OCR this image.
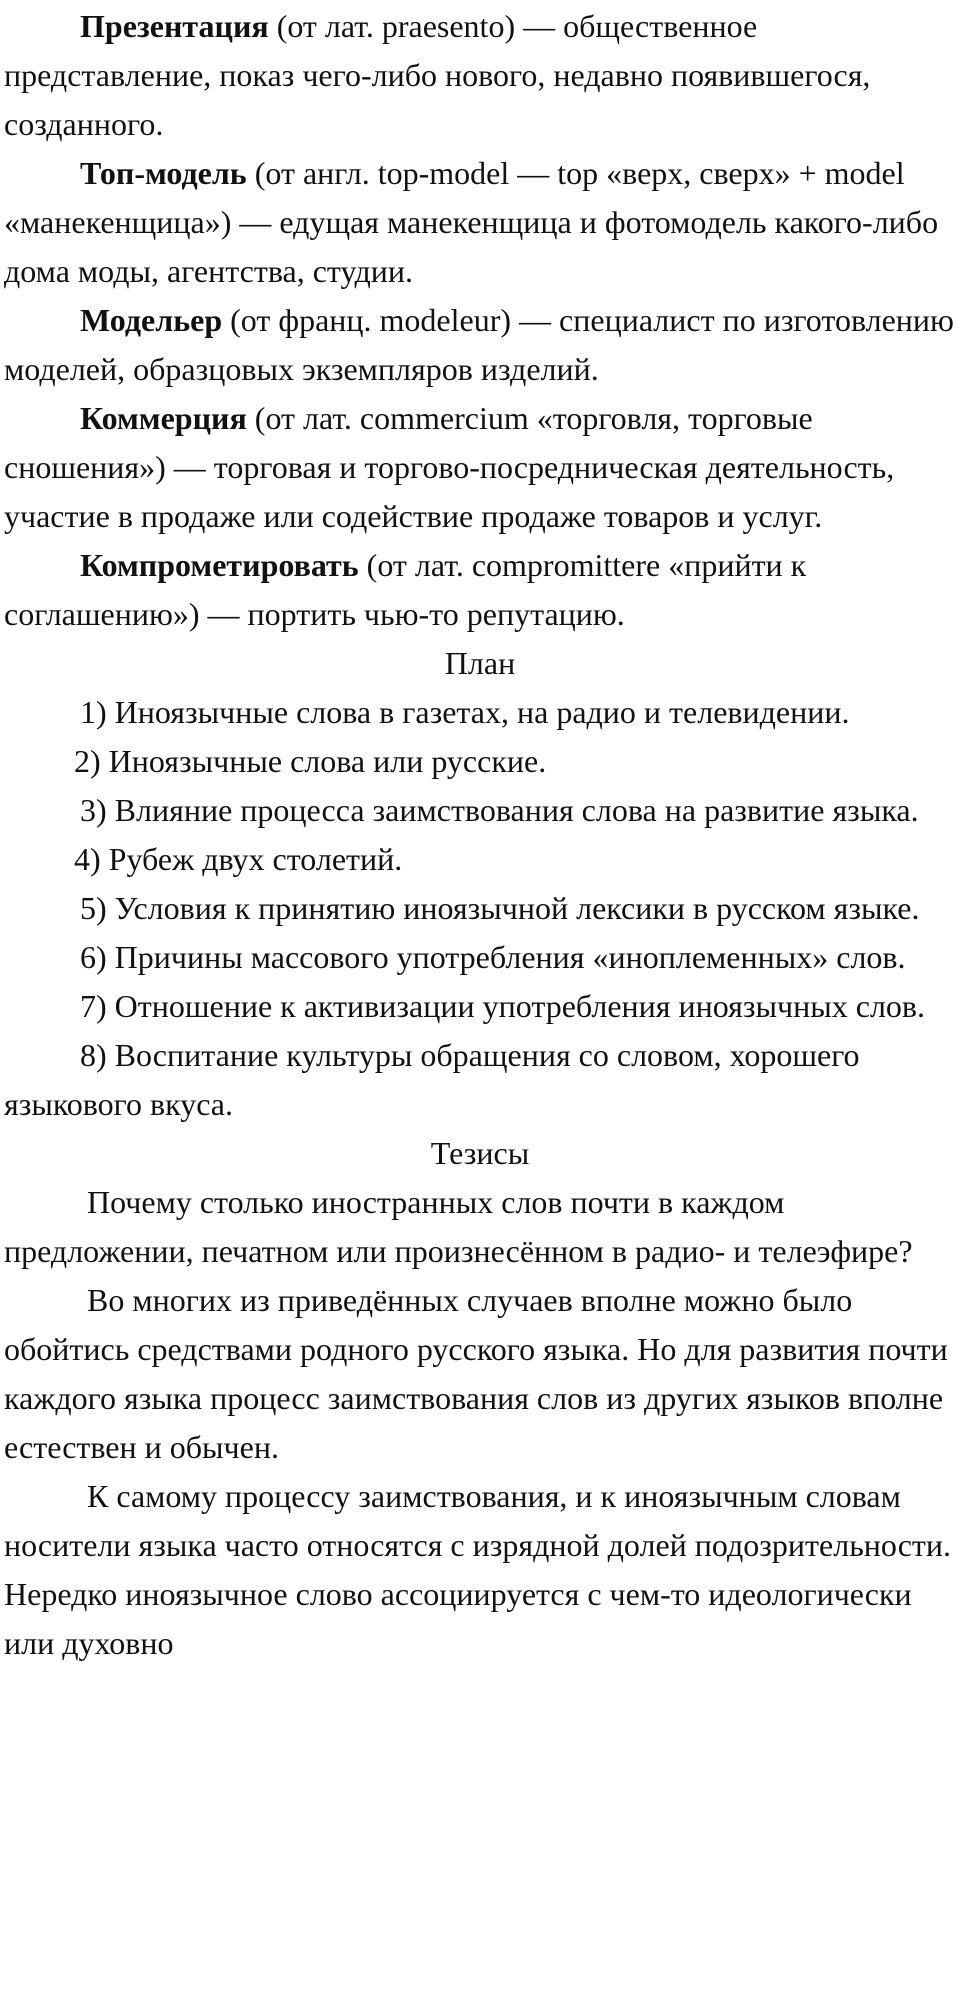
Презентация (от лат. praesento) — общественное представление, показ чего-либо нового, недавно появившегося, созданного.

Топ-модель (от англ. top-model — top «верх, сверх» + model «манекенщица») — едущая манекенщица и фотомодель какого-либо дома моды, агентства, студии.

Модельер (от франц. modeleur) — специалист по изготовлению моделей, образцовых экземпляров изделий.

Коммерция (от лат. commercium «торговля, торговые сношения») — торговая и торгово-посредническая деятельность, участие в продаже или содействие продаже товаров и услуг.

Компрометировать (от лат. compromittere «прийти к соглашению») — портить чью-то репутацию.

План

1) Иноязычные слова в газетах, на радио и телевидении.

2) Иноязычные слова или русские.

3) Влияние процесса заимствования слова на развитие языка.

4) Рубеж двух столетий.

5) Условия к принятию иноязычной лексики в русском языке.

6) Причины массового употребления «иноплеменных» слов.

7) Отношение к активизации употребления иноязычных слов.

8) Воспитание культуры обращения со словом, хорошего языкового вкуса.

Тезисы

Почему столько иностранных слов почти в каждом предложении, печатном или произнесённом в радио- и телеэфире?

Во многих из приведённых случаев вполне можно было обойтись средствами родного русского языка. Но для развития почти каждого языка процесс заимствования слов из других языков вполне естествен и обычен.

К самому процессу заимствования, и к иноязычным словам носители языка часто относятся с изрядной долей подозрительности. Нередко иноязычное слово ассоциируется с чем-то идеологически или духовно
